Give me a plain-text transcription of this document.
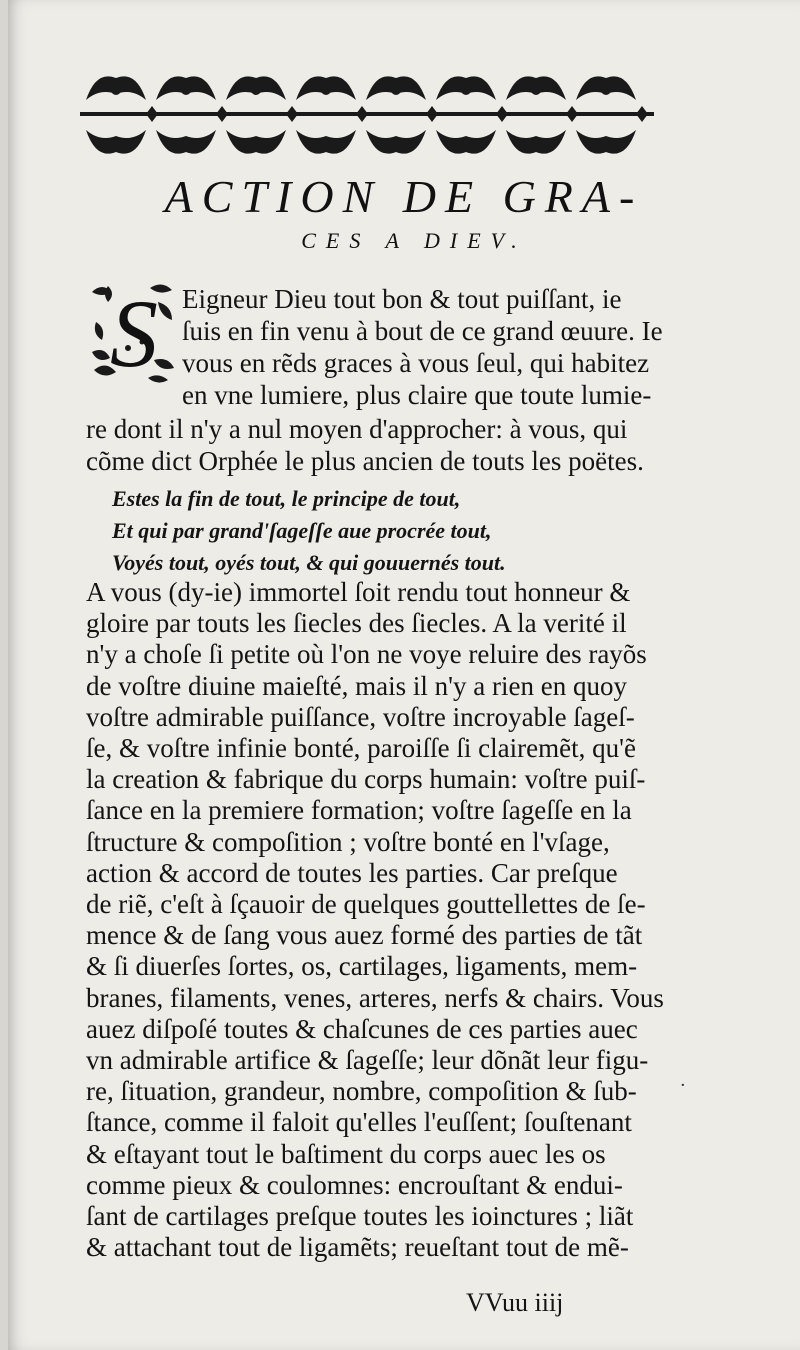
ACTION DE GRA-
CES A DIEV.
S Eigneur Dieu tout bon & tout puiſſant, ie
ſuis en fin venu à bout de ce grand œuure. Ie
vous en rẽds graces à vous ſeul, qui habitez
en vne lumiere, plus claire que toute lumie-
re dont il n'y a nul moyen d'approcher: à vous, qui
cõme dict Orphée le plus ancien de touts les poëtes.
Estes la fin de tout, le principe de tout,
Et qui par grand'ſageſſe aue procrée tout,
Voyés tout, oyés tout, & qui gouuernés tout.
A vous (dy-ie) immortel ſoit rendu tout honneur &
gloire par touts les ſiecles des ſiecles. A la verité il
n'y a choſe ſi petite où l'on ne voye reluire des rayõs
de voſtre diuine maieſté, mais il n'y a rien en quoy
voſtre admirable puiſſance, voſtre incroyable ſageſ-
ſe, & voſtre infinie bonté, paroiſſe ſi clairemẽt, qu'ẽ
la creation & fabrique du corps humain: voſtre puiſ-
ſance en la premiere formation; voſtre ſageſſe en la
ſtructure & compoſition ; voſtre bonté en l'vſage,
action & accord de toutes les parties. Car preſque
de riẽ, c'eſt à ſçauoir de quelques gouttellettes de ſe-
mence & de ſang vous auez formé des parties de tãt
& ſi diuerſes ſortes, os, cartilages, ligaments, mem-
branes, filaments, venes, arteres, nerfs & chairs. Vous
auez diſpoſé toutes & chaſcunes de ces parties auec
vn admirable artifice & ſageſſe; leur dõnãt leur figu-
re, ſituation, grandeur, nombre, compoſition & ſub-
ſtance, comme il faloit qu'elles l'euſſent; ſouſtenant
& eſtayant tout le baſtiment du corps auec les os
comme pieux & coulomnes: encrouſtant & endui-
ſant de cartilages preſque toutes les ioinctures ; liãt
& attachant tout de ligamẽts; reueſtant tout de mẽ-
·
VVuu iiij
